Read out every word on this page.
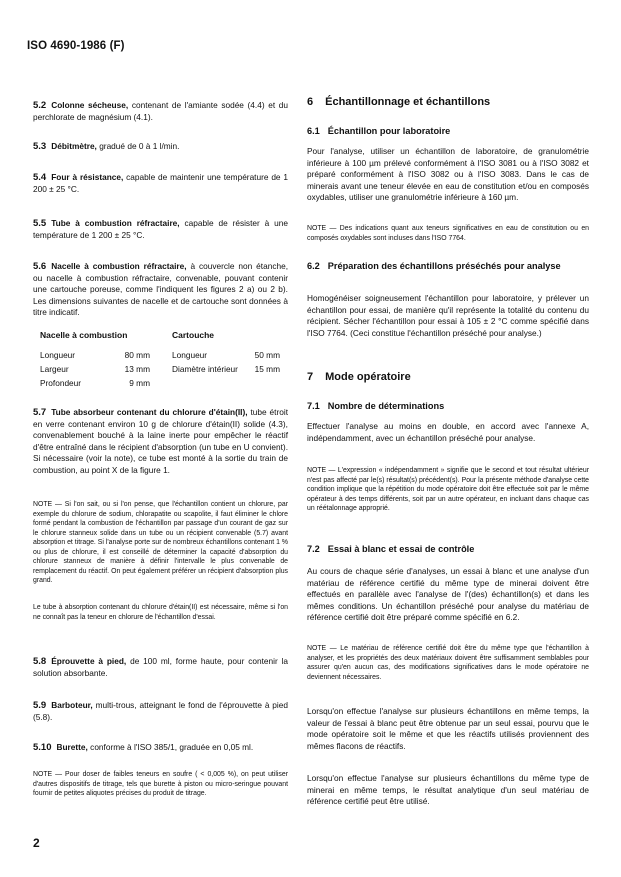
ISO 4690-1986 (F)
5.2 Colonne sécheuse, contenant de l'amiante sodée (4.4) et du perchlorate de magnésium (4.1).
5.3 Débitmètre, gradué de 0 à 1 l/min.
5.4 Four à résistance, capable de maintenir une température de 1 200 ± 25 °C.
5.5 Tube à combustion réfractaire, capable de résister à une température de 1 200 ± 25 °C.
5.6 Nacelle à combustion réfractaire, à couvercle non étanche, ou nacelle à combustion réfractaire, convenable, pouvant contenir une cartouche poreuse, comme l'indiquent les figures 2 a) ou 2 b). Les dimensions suivantes de nacelle et de cartouche sont données à titre indicatif.
Nacelle à combustion		Cartouche	
Longueur	80 mm	Longueur	50 mm
Largeur	13 mm	Diamètre intérieur	15 mm
Profondeur	9 mm		
5.7 Tube absorbeur contenant du chlorure d'étain(II), tube étroit en verre contenant environ 10 g de chlorure d'étain(II) solide (4.3), convenablement bouché à la laine inerte pour empêcher le réactif d'être entraîné dans le récipient d'absorption (un tube en U convient). Si nécessaire (voir la note), ce tube est monté à la sortie du train de combustion, au point X de la figure 1.
NOTE — Si l'on sait, ou si l'on pense, que l'échantillon contient un chlorure, par exemple du chlorure de sodium, chlorapatite ou scapolite, il faut éliminer le chlore formé pendant la combustion de l'échantillon par passage d'un courant de gaz sur le chlorure stanneux solide dans un tube ou un récipient convenable (5.7) avant absorption et titrage. Si l'analyse porte sur de nombreux échantillons contenant 1 % ou plus de chlorure, il est conseillé de déterminer la capacité d'absorption du chlorure stanneux de manière à définir l'intervalle le plus convenable de remplacement du réactif. On peut également préférer un récipient d'absorption plus grand.
Le tube à absorption contenant du chlorure d'étain(II) est nécessaire, même si l'on ne connaît pas la teneur en chlorure de l'échantillon d'essai.
5.8 Éprouvette à pied, de 100 ml, forme haute, pour contenir la solution absorbante.
5.9 Barboteur, multi-trous, atteignant le fond de l'éprouvette à pied (5.8).
5.10 Burette, conforme à l'ISO 385/1, graduée en 0,05 ml.
NOTE — Pour doser de faibles teneurs en soufre ( < 0,005 %), on peut utiliser d'autres dispositifs de titrage, tels que burette à piston ou micro-seringue pouvant fournir de petites aliquotes précises du produit de titrage.
2
6 Échantillonnage et échantillons
6.1 Échantillon pour laboratoire
Pour l'analyse, utiliser un échantillon de laboratoire, de granulométrie inférieure à 100 µm prélevé conformément à l'ISO 3081 ou à l'ISO 3082 et préparé conformément à l'ISO 3082 ou à l'ISO 3083. Dans le cas de minerais avant une teneur élevée en eau de constitution et/ou en composés oxydables, utiliser une granulométrie inférieure à 160 µm.
NOTE — Des indications quant aux teneurs significatives en eau de constitution ou en composés oxydables sont incluses dans l'ISO 7764.
6.2 Préparation des échantillons préséchés pour analyse
Homogénéiser soigneusement l'échantillon pour laboratoire, y prélever un échantillon pour essai, de manière qu'il représente la totalité du contenu du récipient. Sécher l'échantillon pour essai à 105 ± 2 °C comme spécifié dans l'ISO 7764. (Ceci constitue l'échantillon préséché pour analyse.)
7 Mode opératoire
7.1 Nombre de déterminations
Effectuer l'analyse au moins en double, en accord avec l'annexe A, indépendamment, avec un échantillon préséché pour analyse.
NOTE — L'expression « indépendamment » signifie que le second et tout résultat ultérieur n'est pas affecté par le(s) résultat(s) précédent(s). Pour la présente méthode d'analyse cette condition implique que la répétition du mode opératoire doit être effectuée soit par le même opérateur à des temps différents, soit par un autre opérateur, en incluant dans chaque cas un réétalonnage approprié.
7.2 Essai à blanc et essai de contrôle
Au cours de chaque série d'analyses, un essai à blanc et une analyse d'un matériau de référence certifié du même type de minerai doivent être effectués en parallèle avec l'analyse de l'(des) échantillon(s) et dans les mêmes conditions. Un échantillon préséché pour analyse du matériau de référence certifié doit être préparé comme spécifié en 6.2.
NOTE — Le matériau de référence certifié doit être du même type que l'échantillon à analyser, et les propriétés des deux matériaux doivent être suffisamment semblables pour assurer qu'en aucun cas, des modifications significatives dans le mode opératoire ne deviennent nécessaires.
Lorsqu'on effectue l'analyse sur plusieurs échantillons en même temps, la valeur de l'essai à blanc peut être obtenue par un seul essai, pourvu que le mode opératoire soit le même et que les réactifs utilisés proviennent des mêmes flacons de réactifs.
Lorsqu'on effectue l'analyse sur plusieurs échantillons du même type de minerai en même temps, le résultat analytique d'un seul matériau de référence certifié peut être utilisé.
